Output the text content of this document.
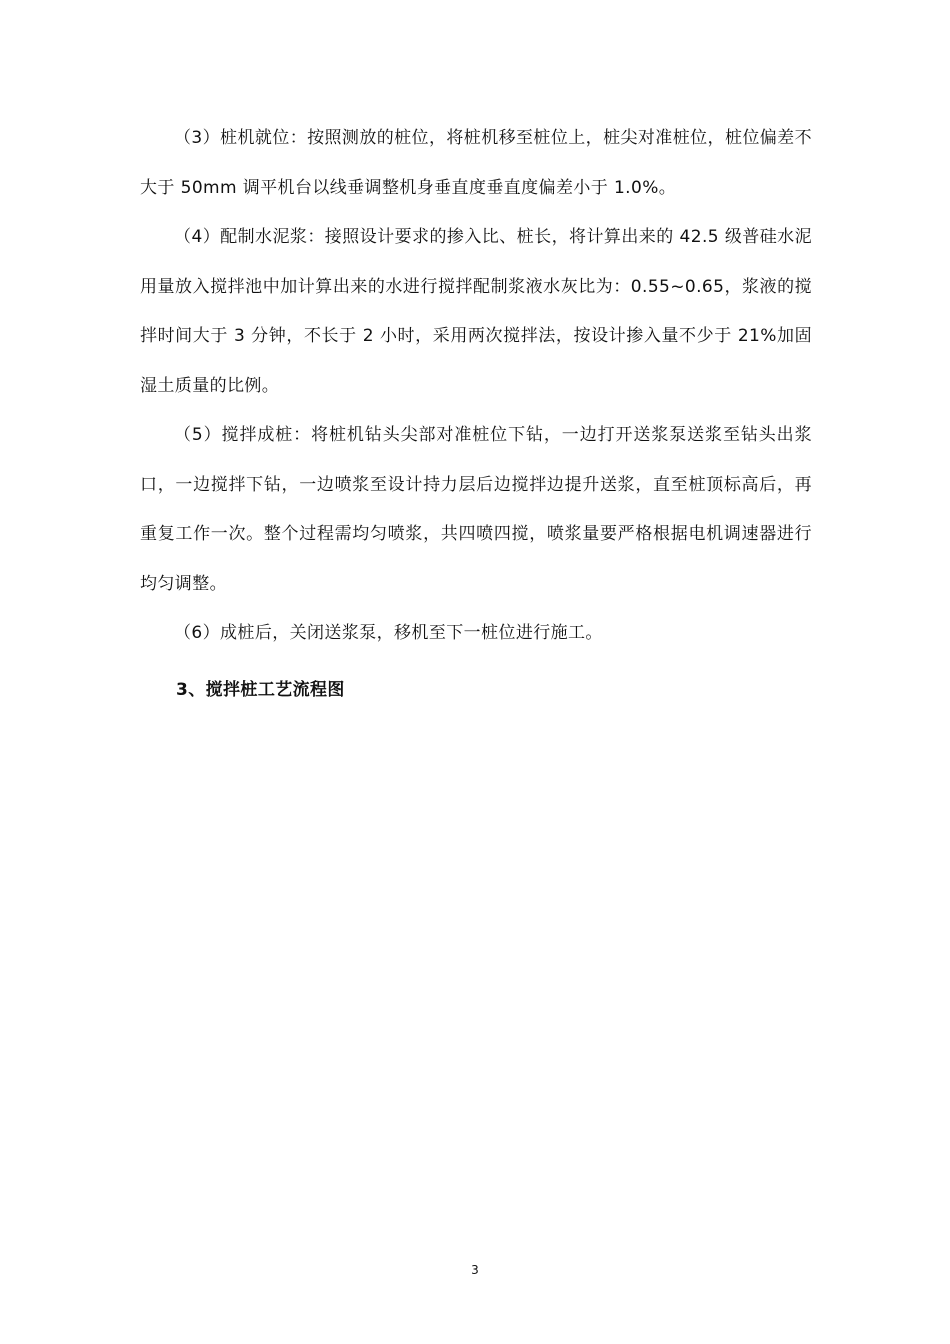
（3）桩机就位：按照测放的桩位，将桩机移至桩位上，桩尖对准桩位，桩位偏差不大于 50mm 调平机台以线垂调整机身垂直度垂直度偏差小于 1.0%。

（4）配制水泥浆：接照设计要求的掺入比、桩长，将计算出来的 42.5 级普硅水泥用量放入搅拌池中加计算出来的水进行搅拌配制浆液水灰比为：0.55~0.65，浆液的搅拌时间大于 3 分钟，不长于 2 小时，采用两次搅拌法，按设计掺入量不少于 21%加固湿土质量的比例。

（5）搅拌成桩：将桩机钻头尖部对准桩位下钻，一边打开送浆泵送浆至钻头出浆口，一边搅拌下钻，一边喷浆至设计持力层后边搅拌边提升送浆，直至桩顶标高后，再重复工作一次。整个过程需均匀喷浆，共四喷四搅，喷浆量要严格根据电机调速器进行均匀调整。

（6）成桩后，关闭送浆泵，移机至下一桩位进行施工。

3、搅拌桩工艺流程图
3
